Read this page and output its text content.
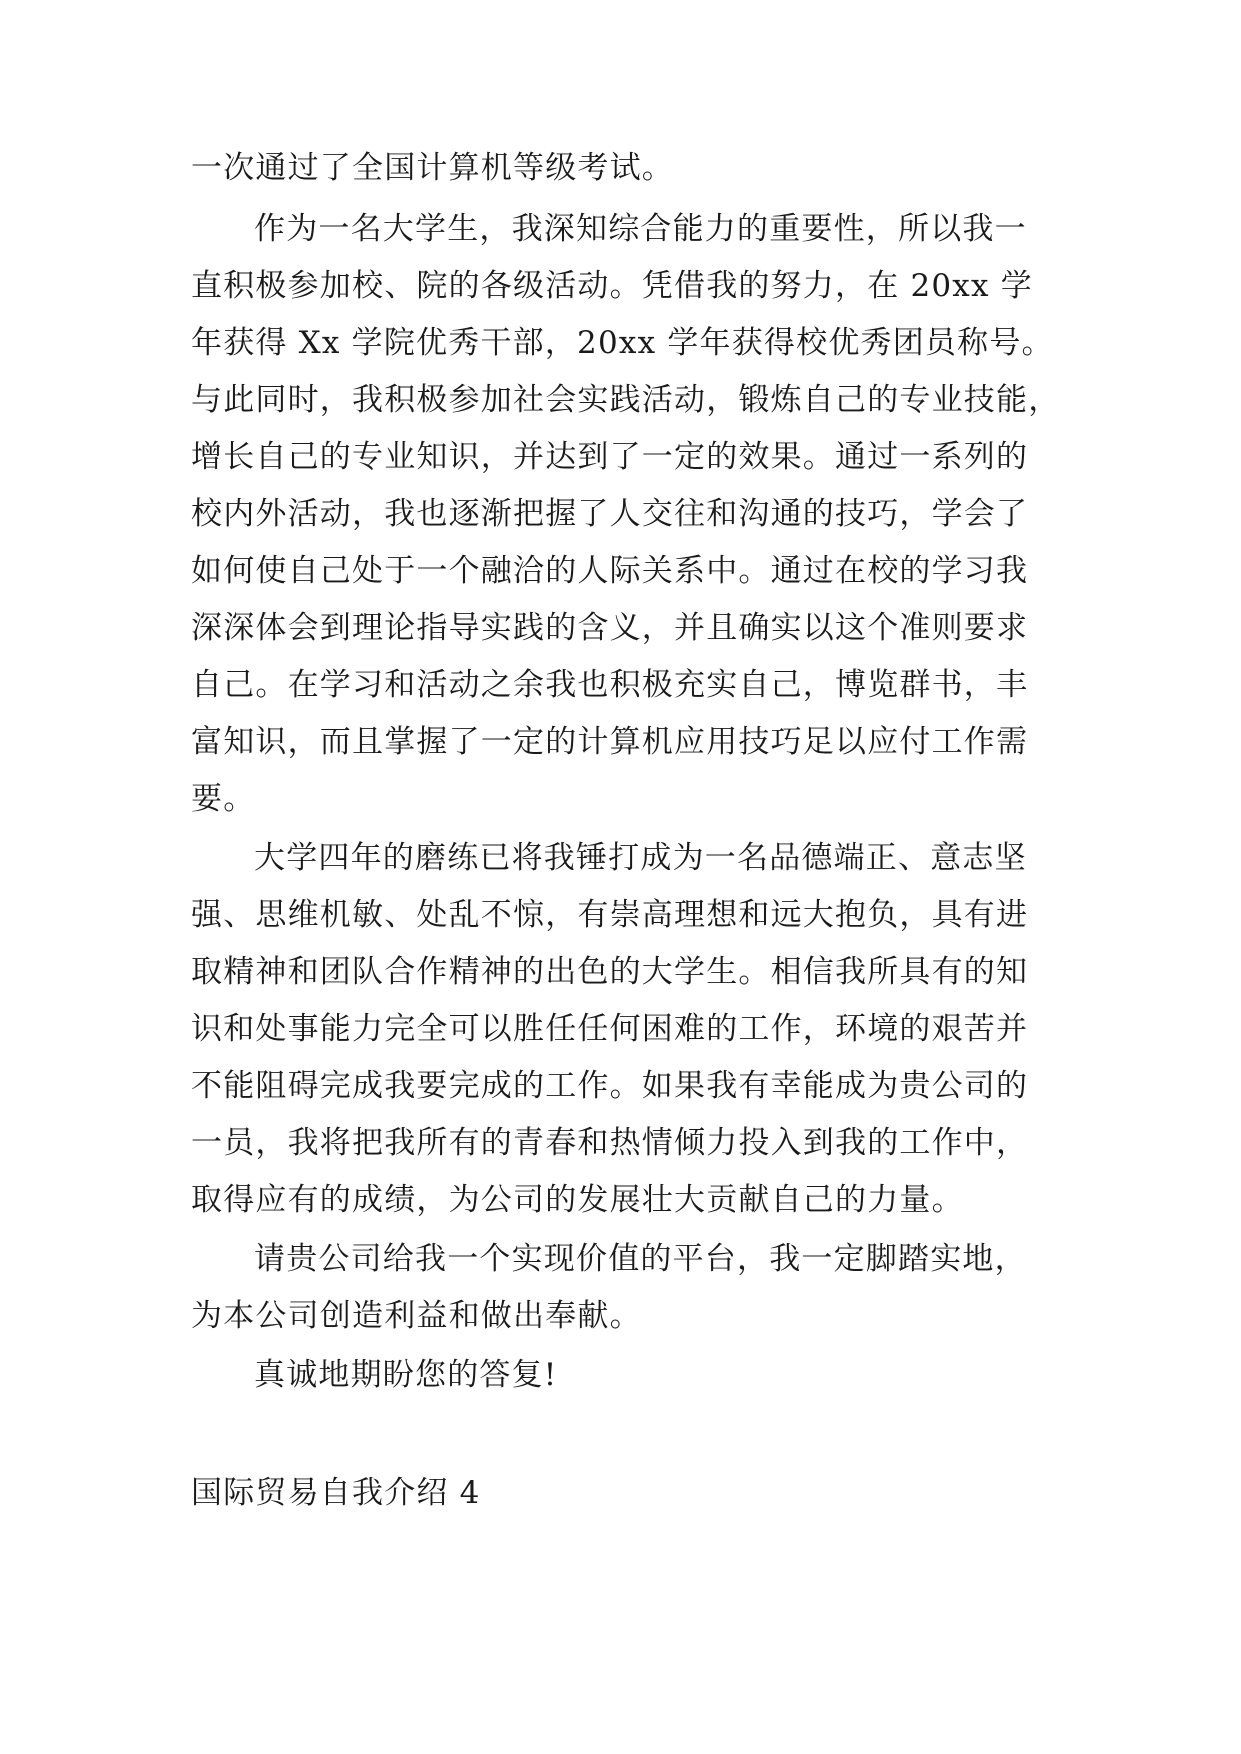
一次通过了全国计算机等级考试。
作为一名大学生，我深知综合能力的重要性，所以我一
直积极参加校、院的各级活动。凭借我的努力，在 20xx 学
年获得 Xx 学院优秀干部，20xx 学年获得校优秀团员称号。
与此同时，我积极参加社会实践活动，锻炼自己的专业技能，
增长自己的专业知识，并达到了一定的效果。通过一系列的
校内外活动，我也逐渐把握了人交往和沟通的技巧，学会了
如何使自己处于一个融洽的人际关系中。通过在校的学习我
深深体会到理论指导实践的含义，并且确实以这个准则要求
自己。在学习和活动之余我也积极充实自己，博览群书，丰
富知识，而且掌握了一定的计算机应用技巧足以应付工作需
要。
大学四年的磨练已将我锤打成为一名品德端正、意志坚
强、思维机敏、处乱不惊，有崇高理想和远大抱负，具有进
取精神和团队合作精神的出色的大学生。相信我所具有的知
识和处事能力完全可以胜任任何困难的工作，环境的艰苦并
不能阻碍完成我要完成的工作。如果我有幸能成为贵公司的
一员，我将把我所有的青春和热情倾力投入到我的工作中，
取得应有的成绩，为公司的发展壮大贡献自己的力量。
请贵公司给我一个实现价值的平台，我一定脚踏实地，
为本公司创造利益和做出奉献。
真诚地期盼您的答复!
国际贸易自我介绍 4
